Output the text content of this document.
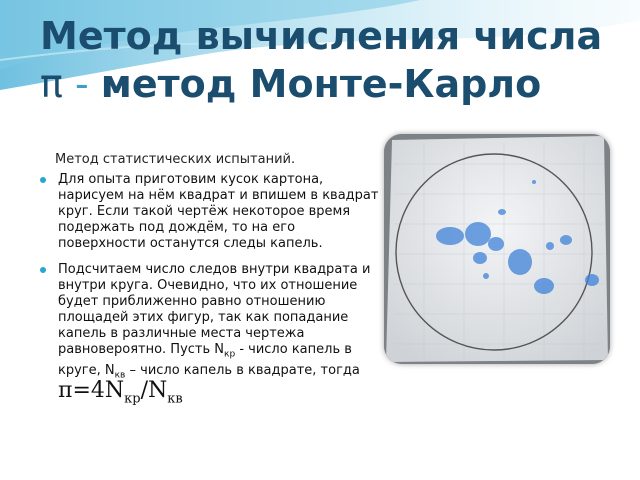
Метод вычисления числа π - метод Монте-Карло
Метод статистических испытаний.
Для опыта приготовим кусок картона, нарисуем на нём квадрат и впишем в квадрат круг. Если такой чертёж некоторое время подержать под дождём, то на его поверхности останутся следы капель.
Подсчитаем число следов внутри квадрата и внутри круга. Очевидно, что их отношение будет приближенно равно отношению площадей этих фигур, так как попадание капель в различные места чертежа равновероятно. Пусть $N_{кр}$ - число капель в круге, $N_{кв}$ – число капель в квадрате, тогда $\pi=4N_{кр}/N_{кв}$
